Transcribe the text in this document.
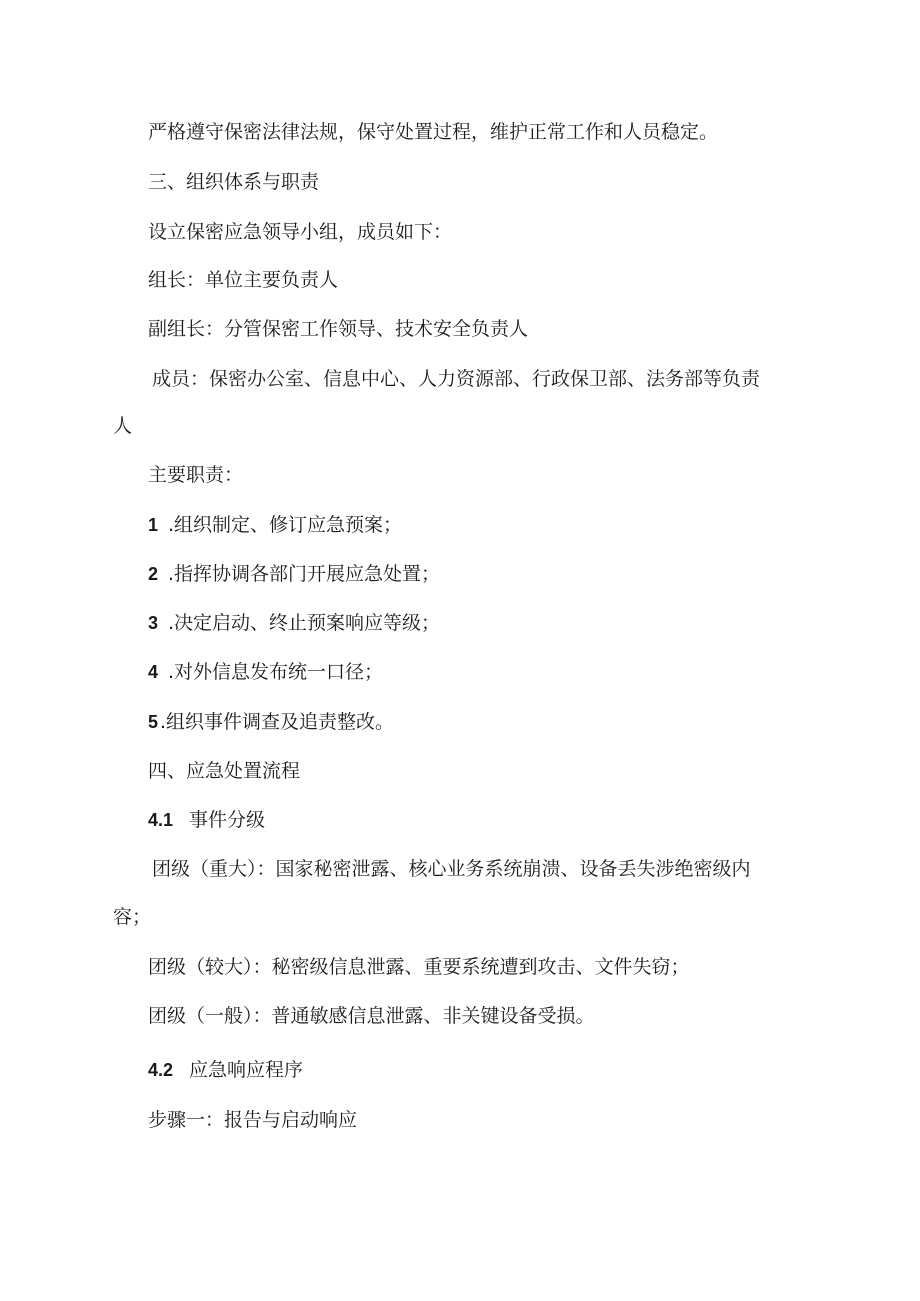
严格遵守保密法律法规，保守处置过程，维护正常工作和人员稳定。
三、组织体系与职责
设立保密应急领导小组，成员如下：
组长：单位主要负责人
副组长：分管保密工作领导、技术安全负责人
成员：保密办公室、信息中心、人力资源部、行政保卫部、法务部等负责
人
主要职责：
1 .组织制定、修订应急预案；
2 .指挥协调各部门开展应急处置；
3 .决定启动、终止预案响应等级；
4 .对外信息发布统一口径；
5 .组织事件调查及追责整改。
四、应急处置流程
4.1 事件分级
团级（重大）：国家秘密泄露、核心业务系统崩溃、设备丢失涉绝密级内
容；
团级（较大）：秘密级信息泄露、重要系统遭到攻击、文件失窃；
团级（一般）：普通敏感信息泄露、非关键设备受损。
4.2 应急响应程序
步骤一：报告与启动响应
